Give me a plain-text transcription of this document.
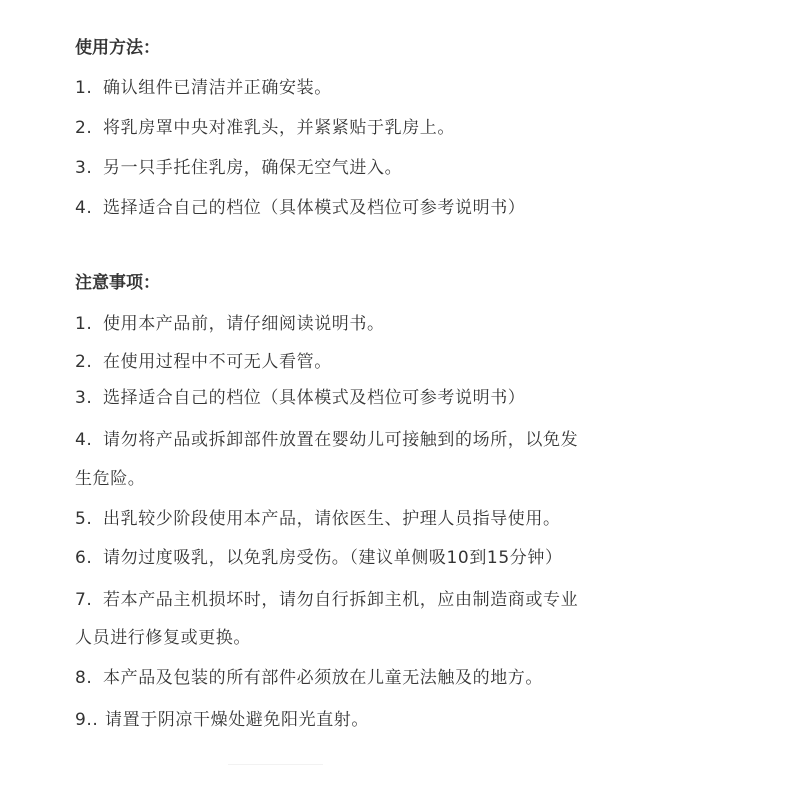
使用方法：
1. 确认组件已清洁并正确安装。
2. 将乳房罩中央对准乳头，并紧紧贴于乳房上。
3. 另一只手托住乳房，确保无空气进入。
4. 选择适合自己的档位（具体模式及档位可参考说明书）
注意事项：
1. 使用本产品前，请仔细阅读说明书。
2. 在使用过程中不可无人看管。
3. 选择适合自己的档位（具体模式及档位可参考说明书）
4. 请勿将产品或拆卸部件放置在婴幼儿可接触到的场所，以免发
生危险。
5. 出乳较少阶段使用本产品，请依医生、护理人员指导使用。
6. 请勿过度吸乳，以免乳房受伤。（建议单侧吸10到15分钟）
7. 若本产品主机损坏时，请勿自行拆卸主机，应由制造商或专业
人员进行修复或更换。
8. 本产品及包装的所有部件必须放在儿童无法触及的地方。
9.. 请置于阴凉干燥处避免阳光直射。
